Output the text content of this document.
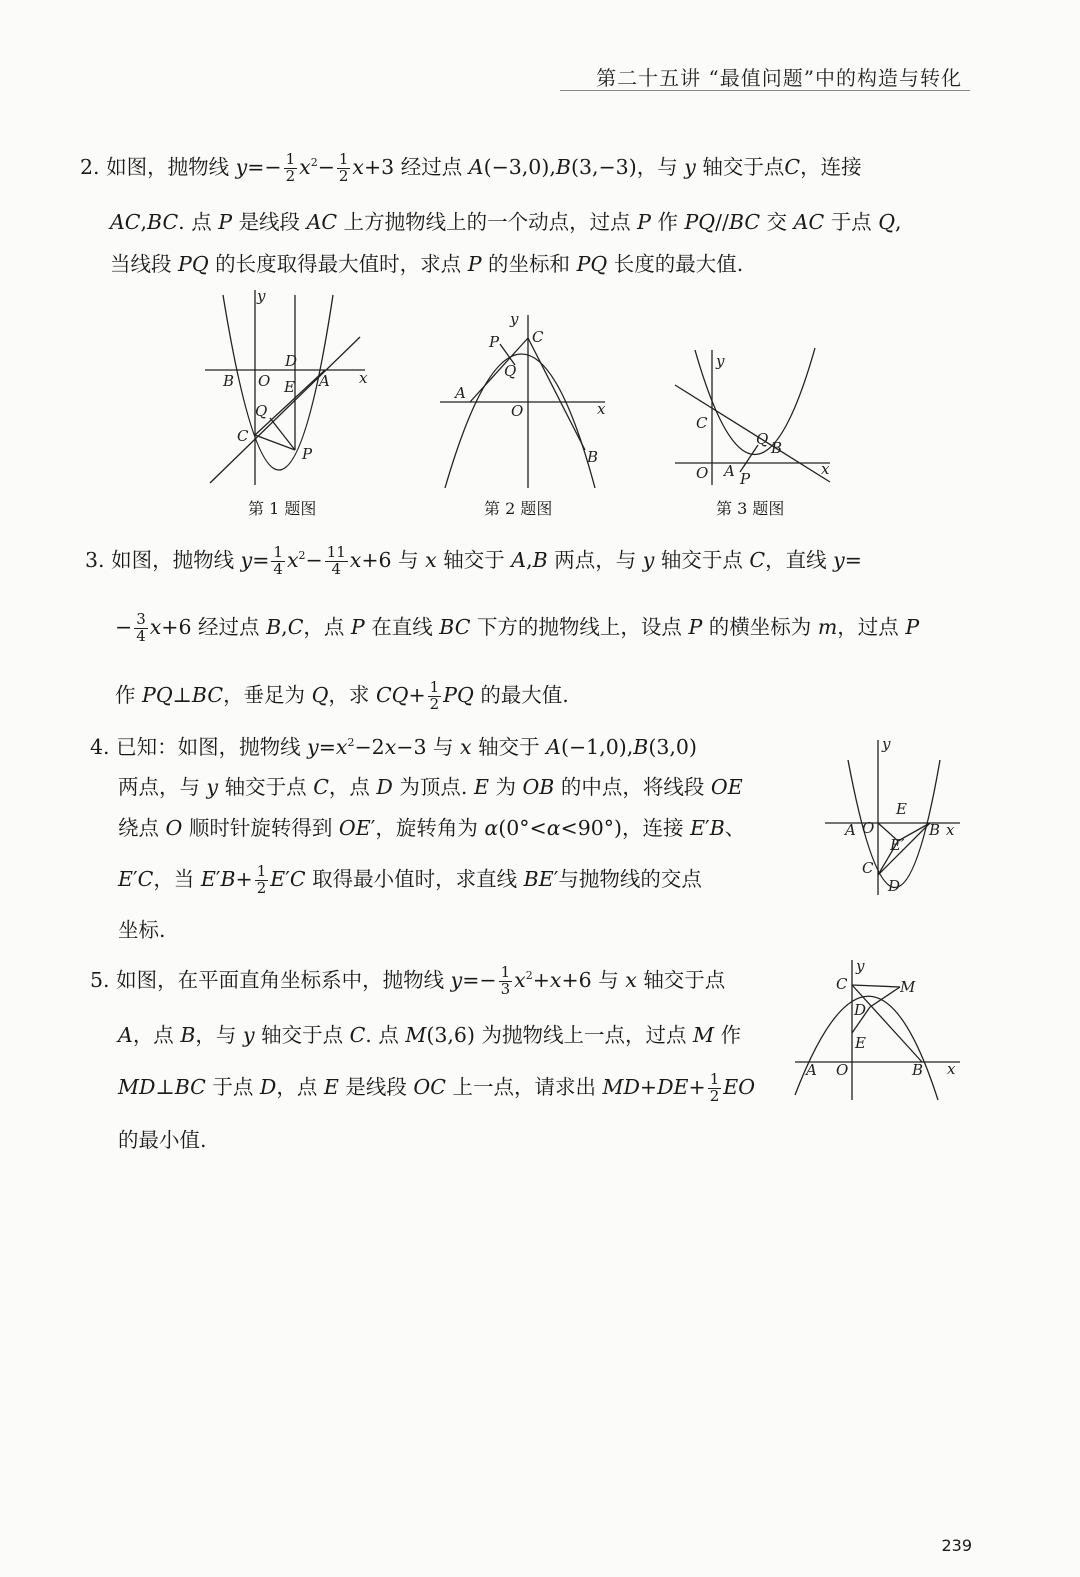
第二十五讲 “最值问题”中的构造与转化
2. 如图，抛物线 $y=- \frac{1}{2} x^2- \frac{1}{2} x+3$ 经过点 A(−3,0),B(3,−3)，与 y 轴交于点C，连接
AC,BC. 点 P 是线段 AC 上方抛物线上的一个动点，过点 P 作 PQ//BC 交 AC 于点 Q,
当线段 PQ 的长度取得最大值时，求点 P 的坐标和 PQ 长度的最大值.
y
x
B O
D
E A
Q
C
P
第 1 题图
y
C
P
Q
A
O	x
B
第 2 题图
y
C
Q B
O A P
x
第 3 题图
3. 如图，抛物线 $y= \frac{1}{4} x^2- \frac{11}{4} x+6$ 与 x 轴交于 A,B 两点，与 y 轴交于点 C，直线 y=
− $\frac{3}{4} x+6$ 经过点 B,C，点 P 在直线 BC 下方的抛物线上，设点 P 的横坐标为 m，过点 P
作 PQ⊥BC，垂足为 Q，求 $CQ+ \frac{1}{2}$ PQ 的最大值.
4. 已知：如图，抛物线 $y=x^2-2x-3$ 与 x 轴交于 A(−1,0),B(3,0)
两点，与 y 轴交于点 C，点 D 为顶点. E 为 OB 的中点，将线段 OE
绕点 O 顺时针旋转得到 OE′，旋转角为 α(0°<α<90°)，连接 E′B、
E′C，当 $E'B+ \frac{1}{2} E'C$ 取得最小值时，求直线 BE′与抛物线的交点
坐标.
y
E
A O	B x
E′
C
D
5. 如图，在平面直角坐标系中，抛物线 $y=- \frac{1}{3} x^2+x+6$ 与 x 轴交于点
A，点 B，与 y 轴交于点 C. 点 M(3,6) 为抛物线上一点，过点 M 作
MD⊥BC 于点 D，点 E 是线段 OC 上一点，请求出 $MD+DE+ \frac{1}{2}$ EO
的最小值.
y
C	M
D
E
A O	B x
239
